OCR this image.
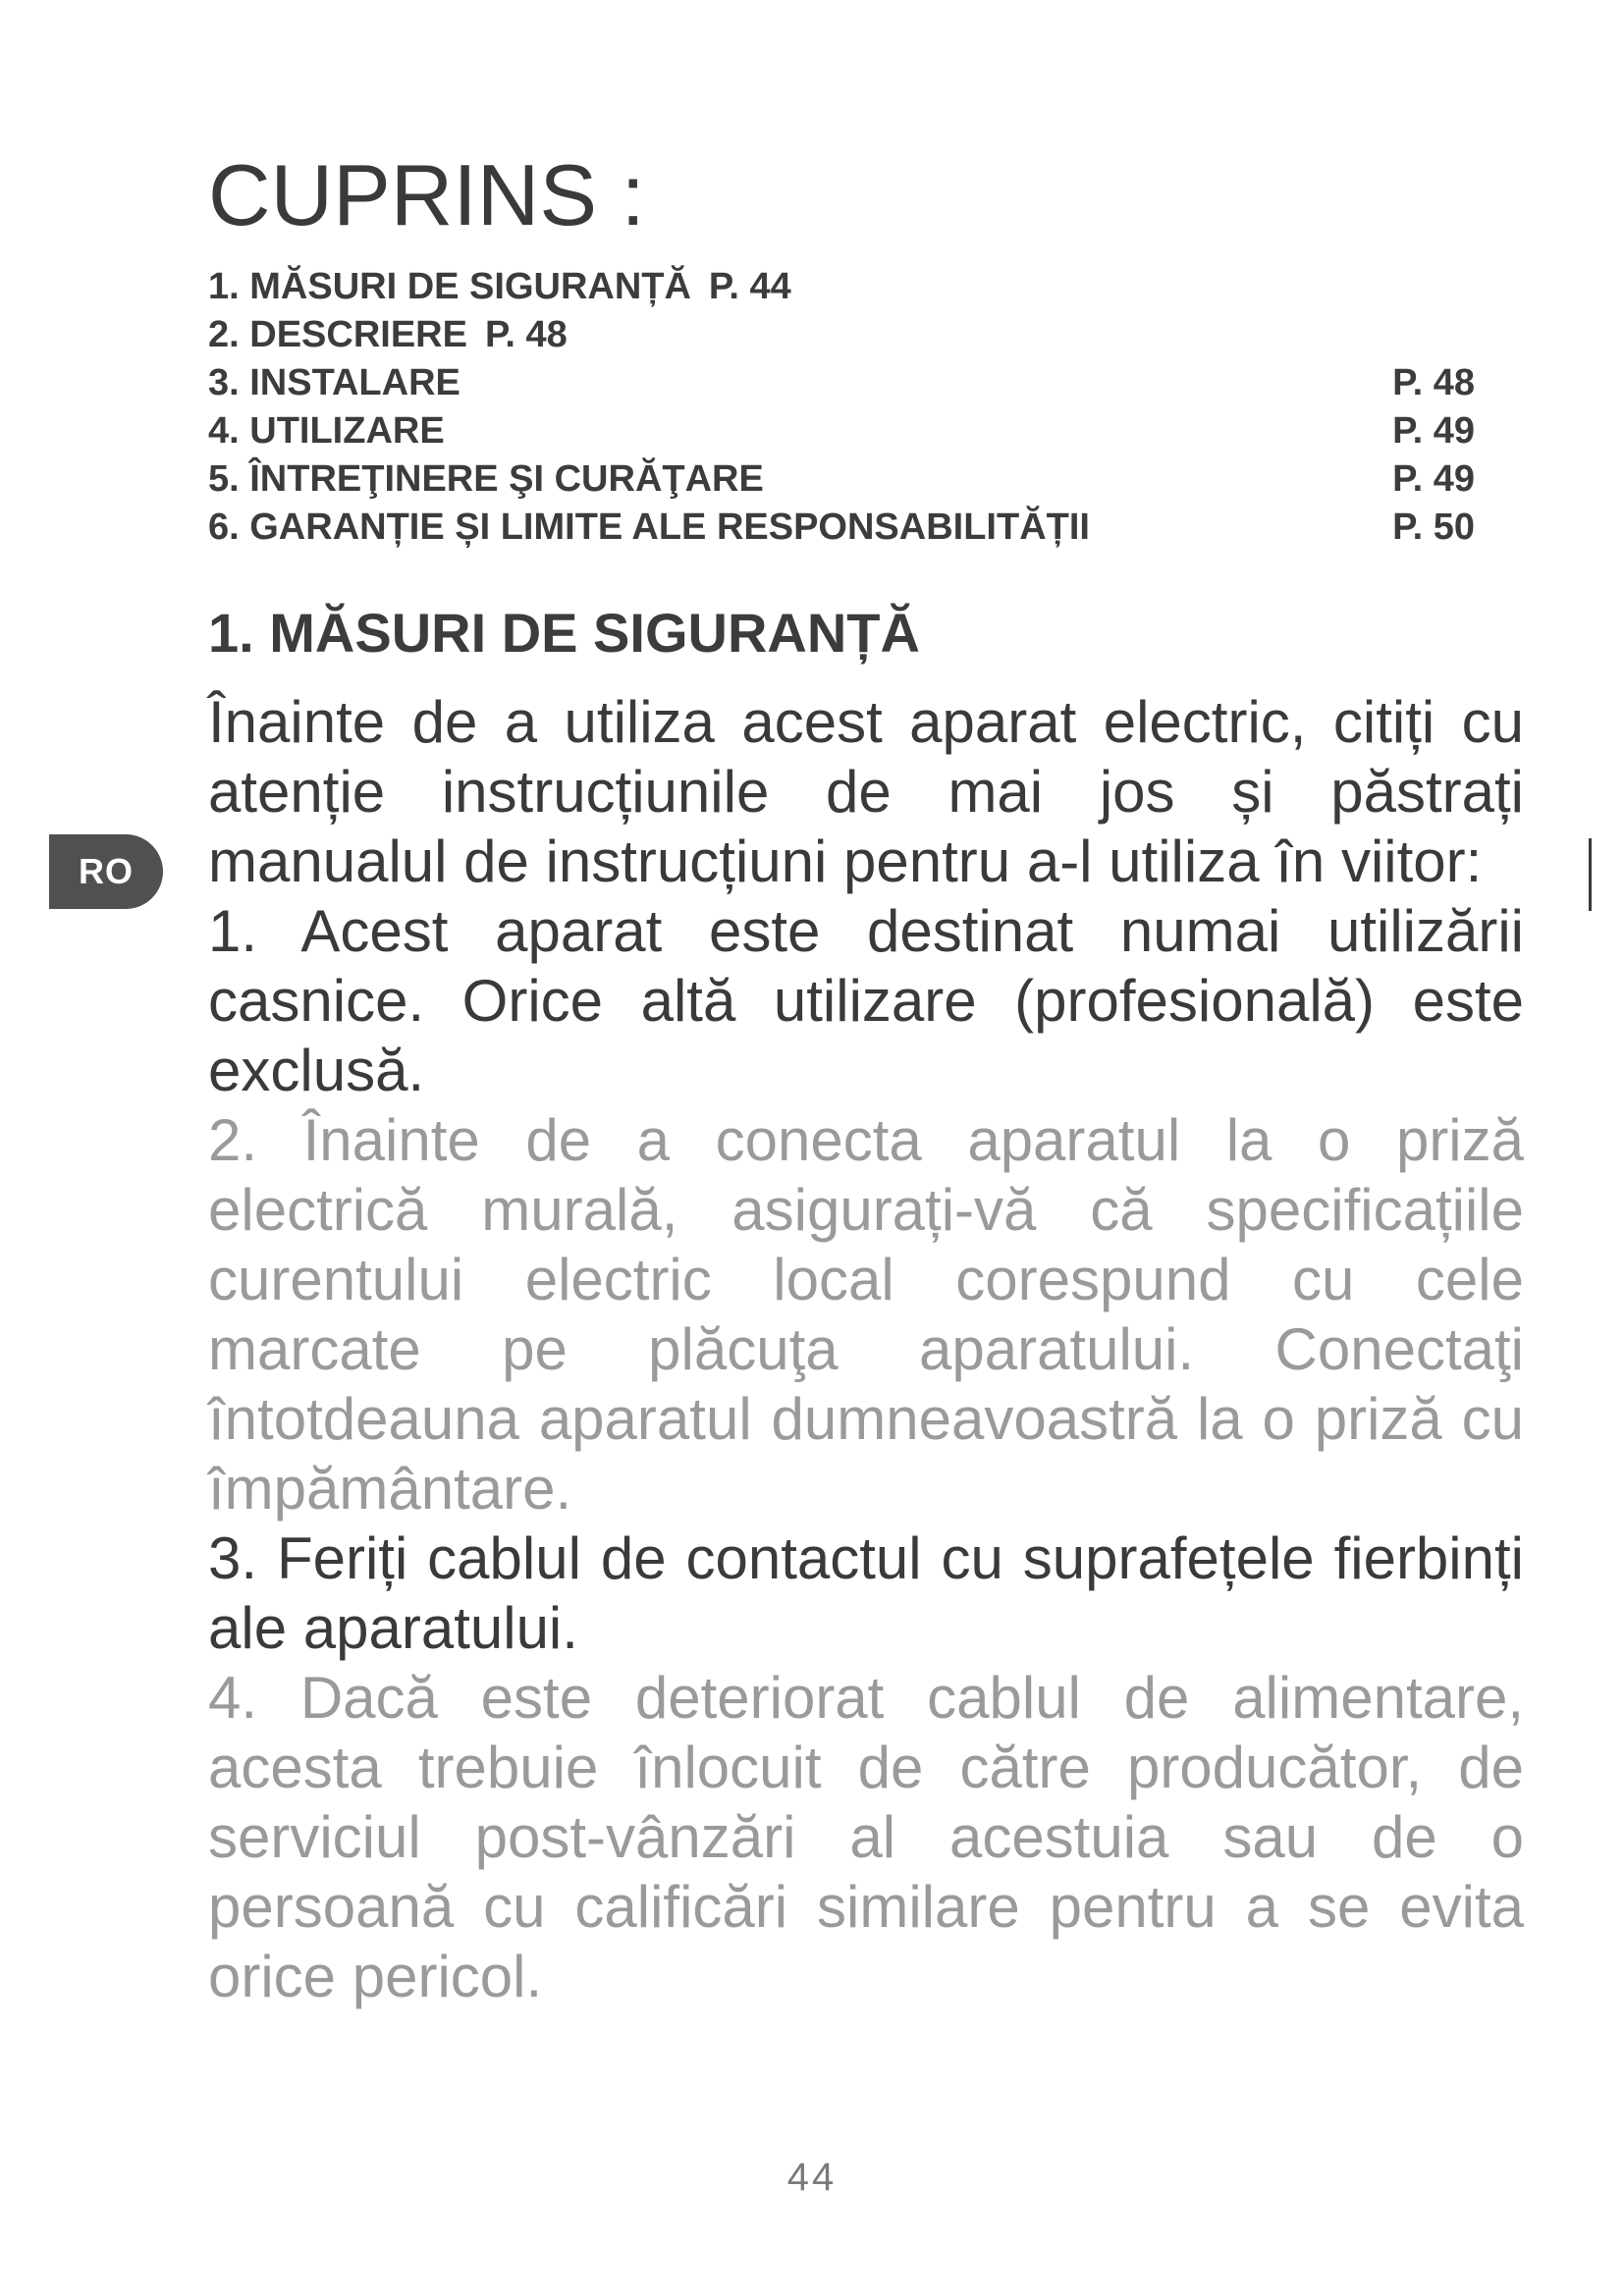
CUPRINS :
1. MĂSURI DE SIGURANȚĂ P. 44
2. DESCRIERE P. 48
3. INSTALARE	P. 48
4. UTILIZARE	P. 49
5. ÎNTREŢINERE ŞI CURĂŢARE	P. 49
6. GARANȚIE ȘI LIMITE ALE RESPONSABILITĂȚII	P. 50
1. MĂSURI DE SIGURANȚĂ

Înainte de a utiliza acest aparat electric, citiți cu atenție instrucțiunile de mai jos și păstrați manualul de instrucțiuni pentru a-l utiliza în viitor:

1. Acest aparat este destinat numai utilizării casnice. Orice altă utilizare (profesională) este exclusă.

2. Înainte de a conecta aparatul la o priză electrică murală, asigurați-vă că specificațiile curentului electric local corespund cu cele marcate pe plăcuţa aparatului. Conectaţi întotdeauna aparatul dumneavoastră la o priză cu împământare.

3. Feriți cablul de contactul cu suprafețele fierbinți ale aparatului.

4. Dacă este deteriorat cablul de alimentare, acesta trebuie înlocuit de către producător, de serviciul post-vânzări al acestuia sau de o persoană cu calificări similare pentru a se evita orice pericol.

RO
44
